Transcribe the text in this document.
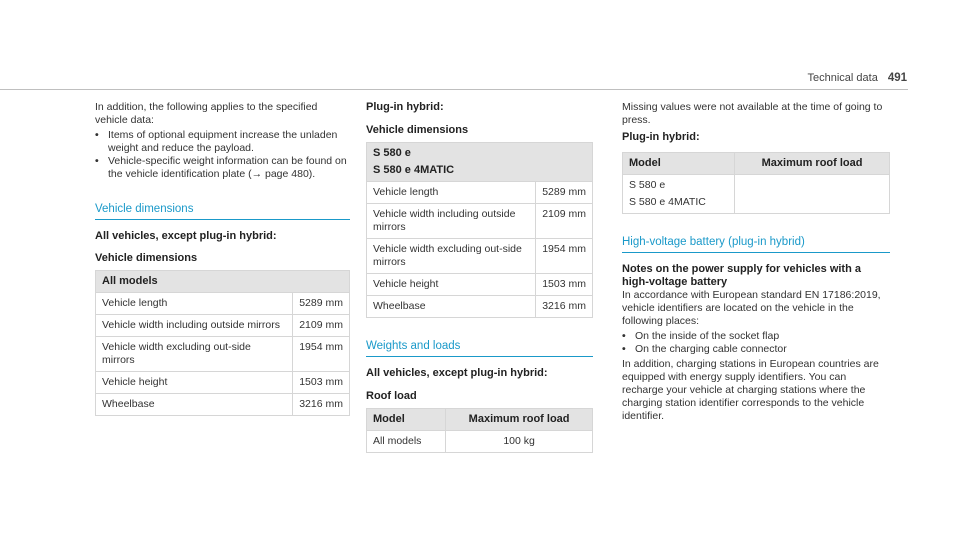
Technical data 491

In addition, the following applies to the specified vehicle data:

• Items of optional equipment increase the unladen weight and reduce the payload.
• Vehicle-specific weight information can be found on the vehicle identification plate (→ page 480).
Vehicle dimensions
All vehicles, except plug-in hybrid:
Vehicle dimensions
All models	
Vehicle length	5289 mm
Vehicle width including outside mirrors	2109 mm
Vehicle width excluding out-side mirrors	1954 mm
Vehicle height	1503 mm
Wheelbase	3216 mm
Plug-in hybrid:
Vehicle dimensions
S 580 e
S 580 e 4MATIC	

Vehicle length	5289 mm
Vehicle width including outside mirrors	2109 mm
Vehicle width excluding out-side mirrors	1954 mm
Vehicle height	1503 mm
Wheelbase	3216 mm
Weights and loads
All vehicles, except plug-in hybrid:
Roof load
Model	Maximum roof load
All models	100 kg

Missing values were not available at the time of going to press.

Plug-in hybrid:
Model	Maximum roof load

S 580 e
S 580 e 4MATIC	

High-voltage battery (plug-in hybrid)
Notes on the power supply for vehicles with a high-voltage battery

In accordance with European standard EN 17186:2019, vehicle identifiers are located on the vehicle in the following places:

• On the inside of the socket flap
• On the charging cable connector

In addition, charging stations in European countries are equipped with energy supply identifiers. You can recharge your vehicle at charging stations where the charging station identifier corresponds to the vehicle identifier.
